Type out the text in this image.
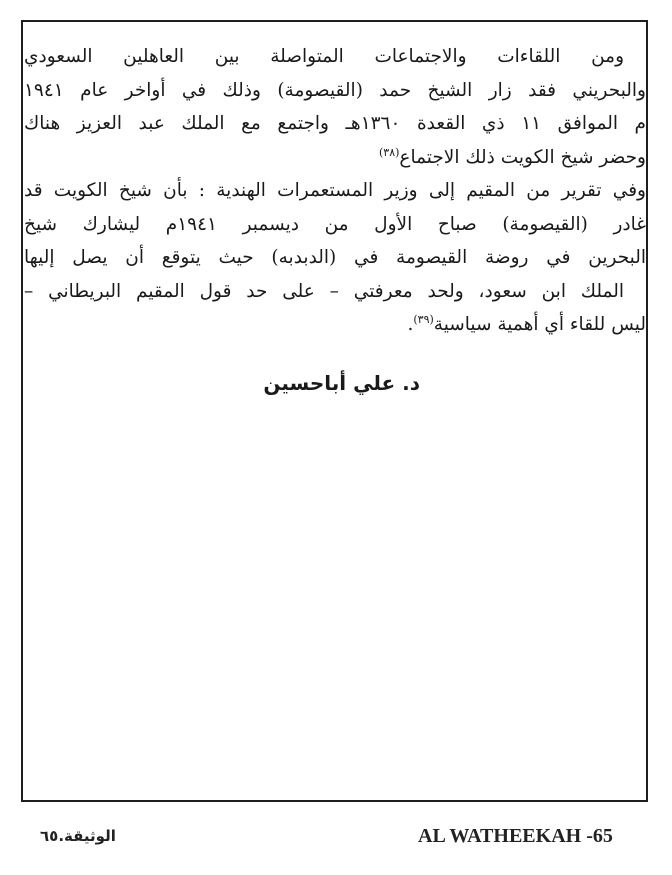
ومن اللقاءات والاجتماعات المتواصلة بين العاهلين السعودي
والبحريني فقد زار الشيخ حمد (القيصومة) وذلك في أواخر عام ١٩٤١
م الموافق ١١ ذي القعدة ١٣٦٠هـ واجتمع مع الملك عبد العزيز هناك
وحضر شيخ الكويت ذلك الاجتماع$^{(٣٨)}$

وفي تقرير من المقيم إلى وزير المستعمرات الهندية : بأن شيخ الكويت قد
غادر (القيصومة) صباح الأول من ديسمبر ١٩٤١م ليشارك شيخ
البحرين في روضة القيصومة في (الدبدبه) حيث يتوقع أن يصل إليها
الملك ابن سعود، ولحد معرفتي – على حد قول المقيم البريطاني –
ليس للقاء أي أهمية سياسية$^{(٣٩)}$.

د. علي أباحسين
AL WATHEEKAH -65
الوثيقة.٦٥
